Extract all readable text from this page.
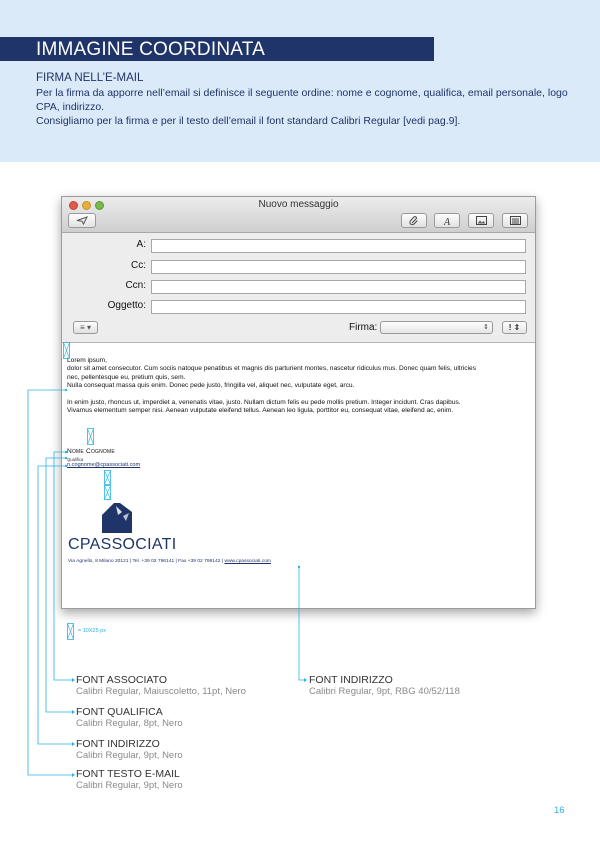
IMMAGINE COORDINATA
FIRMA NELL’E-MAIL
Per la firma da apporre nell’email si definisce il seguente ordine: nome e cognome, qualifica, email personale, logo CPA, indirizzo.
Consigliamo per la firma e per il testo dell’email il font standard Calibri Regular [vedi pag.9].
Nuovo messaggio
A
A:
Cc:
Ccn:
Oggetto:
≡ ▾	Firma:	⇕	! ⇕

Lorem ipsum,
dolor sit amet consecutor. Cum sociis natoque penatibus et magnis dis parturient montes, nascetur ridiculus mus. Donec quam felis, ultricies nec, pellentesque eu, pretium quis, sem.
Nulla consequat massa quis enim. Donec pede justo, fringilla vel, aliquet nec, vulputate eget, arcu.

In enim justo, rhoncus ut, imperdiet a, venenatis vitae, justo. Nullam dictum felis eu pede mollis pretium. Integer incidunt. Cras dapibus. Vivamus elementum semper nisi. Aenean vulputate eleifend tellus. Aenean leo ligula, porttitor eu, consequat vitae, eleifend ac, enim.

Nome Cognome
Qualifica
n.cognome@cpassociati.com
CPASSOCIATI
Via Agnello, 8 Milano 20121 | Tel. +39 02 796141 | Fax +39 02 796142 | www.cpassociati.com
= 10X25 px
FONT ASSOCIATO
Calibri Regular, Maiuscoletto, 11pt, Nero
FONT QUALIFICA
Calibri Regular, 8pt, Nero
FONT INDIRIZZO
Calibri Regular, 9pt, Nero
FONT TESTO E-MAIL
Calibri Regular, 9pt, Nero
FONT INDIRIZZO
Calibri Regular, 9pt, RBG 40/52/118
16
